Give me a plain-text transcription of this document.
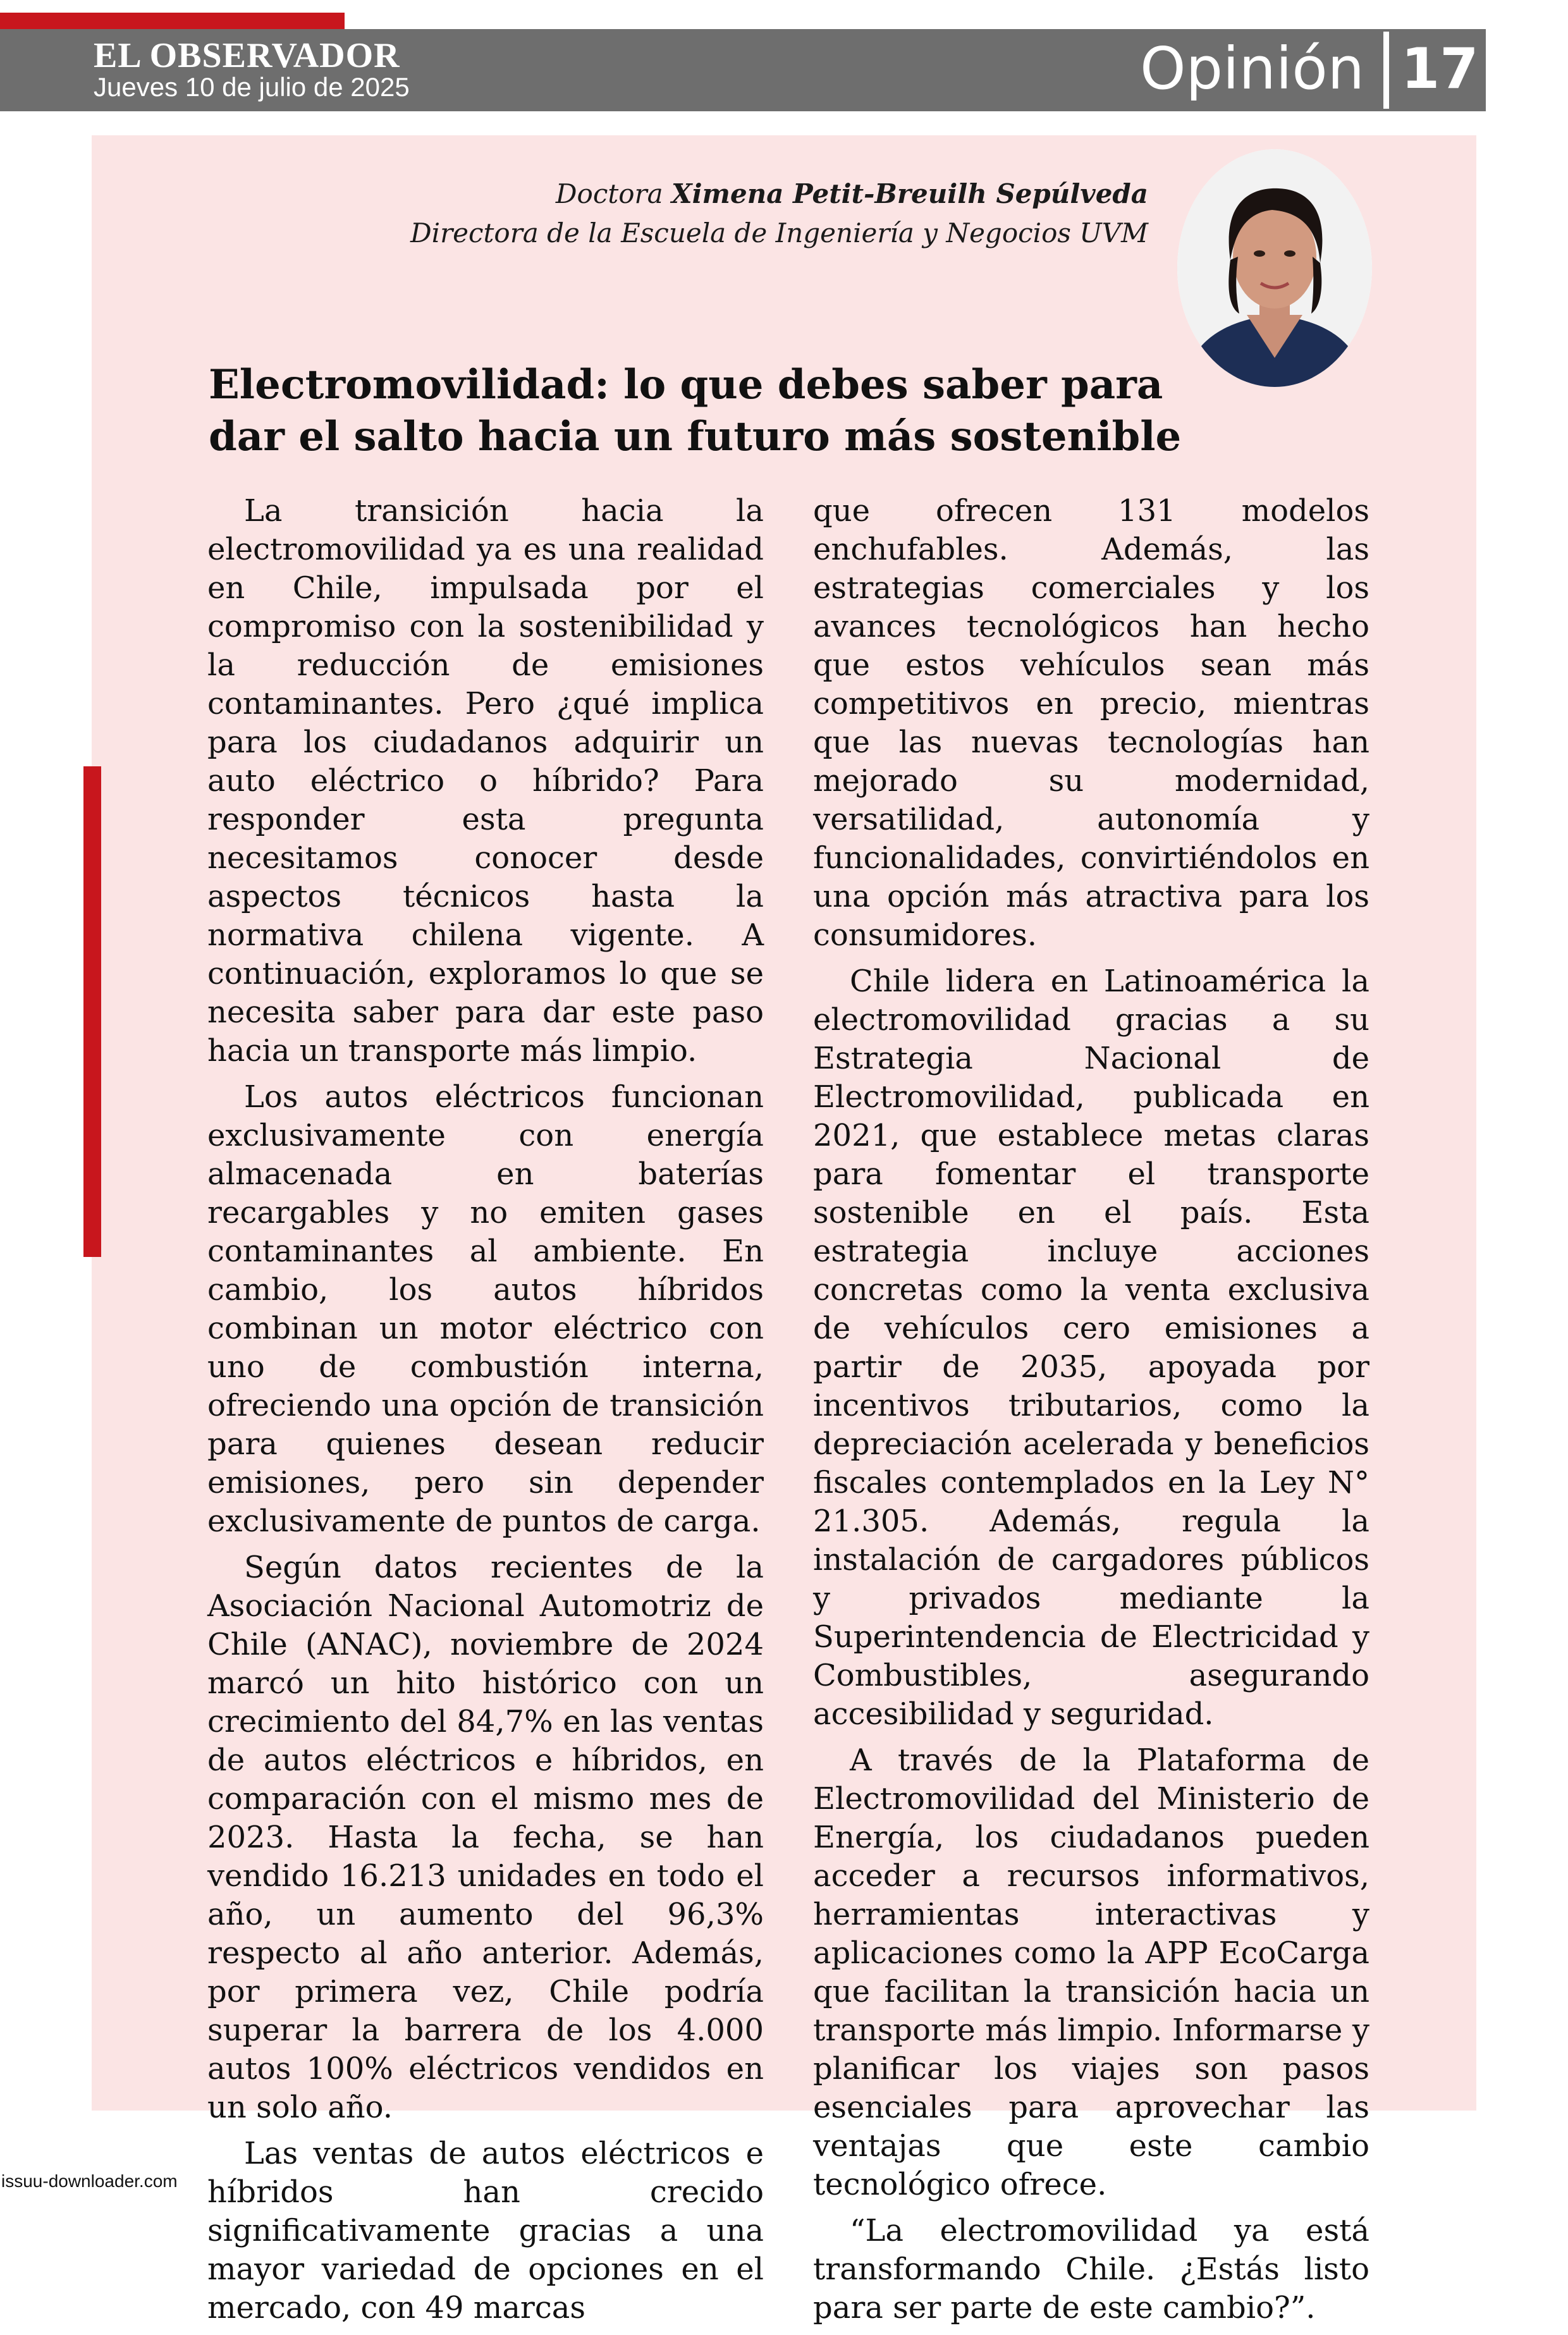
EL OBSERVADOR
Jueves 10 de julio de 2025	Opinión 17
Doctora Ximena Petit-Breuilh Sepúlveda
Directora de la Escuela de Ingeniería y Negocios UVM
Electromovilidad: lo que debes saber para
dar el salto hacia un futuro más sostenible

La transición hacia la electromovilidad ya es una realidad en Chile, impulsada por el compromiso con la sostenibilidad y la reducción de emisiones contaminantes. Pero ¿qué implica para los ciudadanos adquirir un auto eléctrico o híbrido? Para responder esta pregunta necesitamos conocer desde aspectos técnicos hasta la normativa chilena vigente. A continuación, exploramos lo que se necesita saber para dar este paso hacia un transporte más limpio.

Los autos eléctricos funcionan exclusivamente con energía almacenada en baterías recargables y no emiten gases contaminantes al ambiente. En cambio, los autos híbridos combinan un motor eléctrico con uno de combustión interna, ofreciendo una opción de transición para quienes desean reducir emisiones, pero sin depender exclusivamente de puntos de carga.

Según datos recientes de la Asociación Nacional Automotriz de Chile (ANAC), noviembre de 2024 marcó un hito histórico con un crecimiento del 84,7% en las ventas de autos eléctricos e híbridos, en comparación con el mismo mes de 2023. Hasta la fecha, se han vendido 16.213 unidades en todo el año, un aumento del 96,3% respecto al año anterior. Además, por primera vez, Chile podría superar la barrera de los 4.000 autos 100% eléctricos vendidos en un solo año.

Las ventas de autos eléctricos e híbridos han crecido significativamente gracias a una mayor variedad de opciones en el mercado, con 49 marcas

que ofrecen 131 modelos enchufables. Además, las estrategias comerciales y los avances tecnológicos han hecho que estos vehículos sean más competitivos en precio, mientras que las nuevas tecnologías han mejorado su modernidad, versatilidad, autonomía y funcionalidades, convirtiéndolos en una opción más atractiva para los consumidores.

Chile lidera en Latinoamérica la electromovilidad gracias a su Estrategia Nacional de Electromovilidad, publicada en 2021, que establece metas claras para fomentar el transporte sostenible en el país. Esta estrategia incluye acciones concretas como la venta exclusiva de vehículos cero emisiones a partir de 2035, apoyada por incentivos tributarios, como la depreciación acelerada y beneficios fiscales contemplados en la Ley N° 21.305. Además, regula la instalación de cargadores públicos y privados mediante la Superintendencia de Electricidad y Combustibles, asegurando accesibilidad y seguridad.

A través de la Plataforma de Electromovilidad del Ministerio de Energía, los ciudadanos pueden acceder a recursos informativos, herramientas interactivas y aplicaciones como la APP EcoCarga que facilitan la transición hacia un transporte más limpio. Informarse y planificar los viajes son pasos esenciales para aprovechar las ventajas que este cambio tecnológico ofrece.

“La electromovilidad ya está transformando Chile. ¿Estás listo para ser parte de este cambio?”.

issuu-downloader.com
